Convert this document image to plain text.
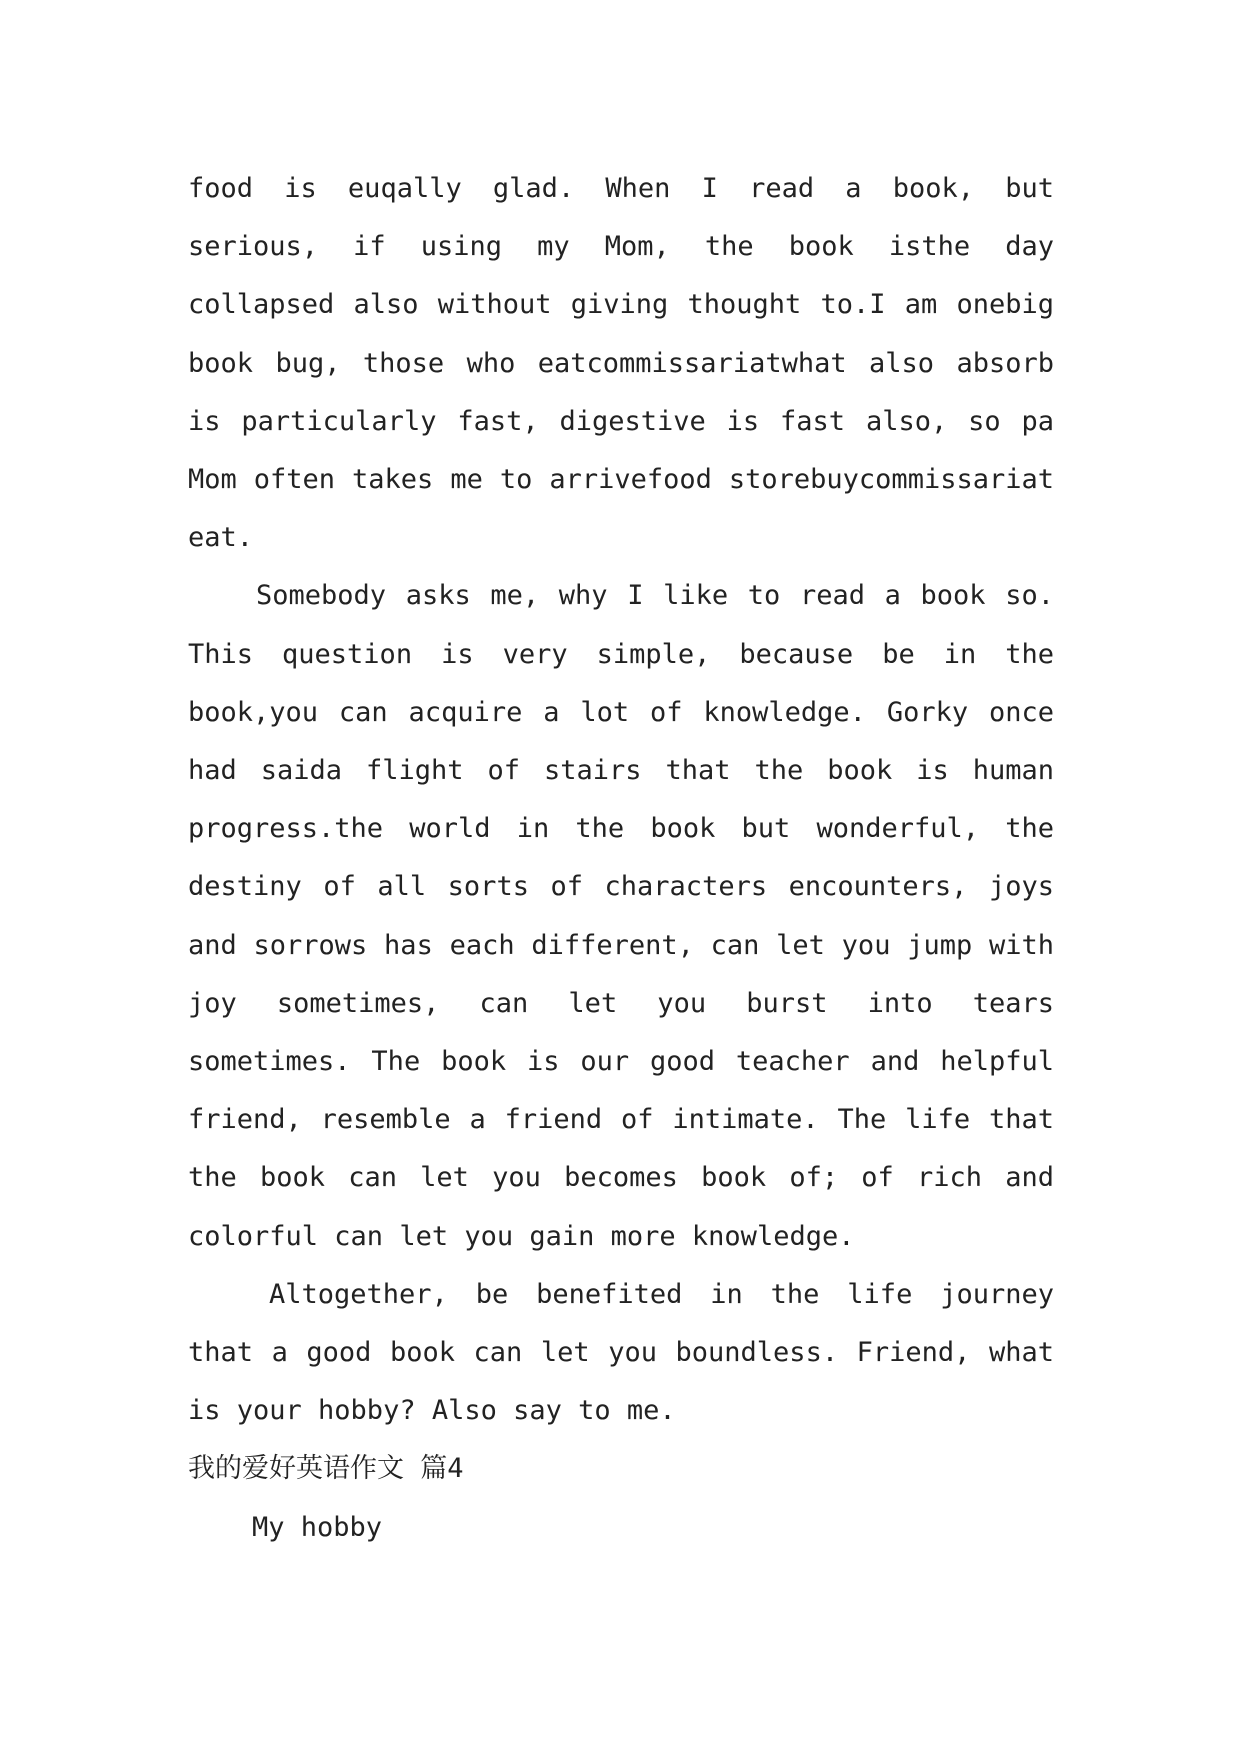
food is euqally glad. When I read a book, but serious, if using my Mom, the book isthe day collapsed also without giving thought to.I am onebig book bug, those who eatcommissariatwhat also absorb is particularly fast, digestive is fast also, so pa Mom often takes me to arrivefood storebuycommissariat eat.

Somebody asks me, why I like to read a book so. This question is very simple, because be in the book,you can acquire a lot of knowledge. Gorky once had saida flight of stairs that the book is human progress.the world in the book but wonderful, the destiny of all sorts of characters encounters, joys and sorrows has each different, can let you jump with joy sometimes, can let you burst into tears sometimes. The book is our good teacher and helpful friend, resemble a friend of intimate. The life that the book can let you becomes book of; of rich and colorful can let you gain more knowledge.

Altogether, be benefited in the life journey that a good book can let you boundless. Friend, what is your hobby? Also say to me.

我的爱好英语作文 篇4

My hobby
